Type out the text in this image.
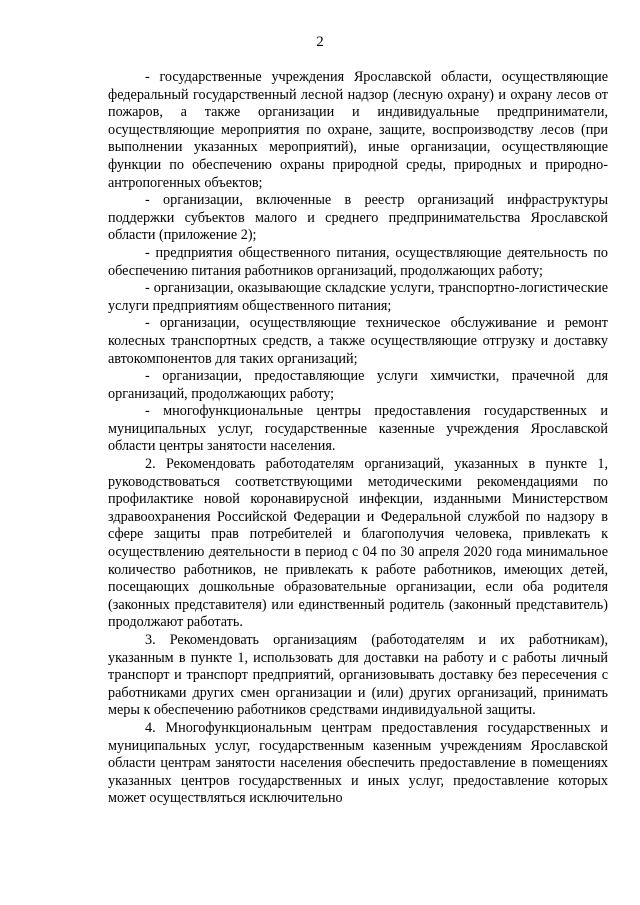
2

- государственные учреждения Ярославской области, осуществляющие федеральный государственный лесной надзор (лесную охрану) и охрану лесов от пожаров, а также организации и индивидуальные предприниматели, осуществляющие мероприятия по охране, защите, воспроизводству лесов (при выполнении указанных мероприятий), иные организации, осуществляющие функции по обеспечению охраны природной среды, природных и природно-антропогенных объектов;

- организации, включенные в реестр организаций инфраструктуры поддержки субъектов малого и среднего предпринимательства Ярославской области (приложение 2);

- предприятия общественного питания, осуществляющие деятельность по обеспечению питания работников организаций, продолжающих работу;

- организации, оказывающие складские услуги, транспортно-логистические услуги предприятиям общественного питания;

- организации, осуществляющие техническое обслуживание и ремонт колесных транспортных средств, а также осуществляющие отгрузку и доставку автокомпонентов для таких организаций;

- организации, предоставляющие услуги химчистки, прачечной для организаций, продолжающих работу;

- многофункциональные центры предоставления государственных и муниципальных услуг, государственные казенные учреждения Ярославской области центры занятости населения.

2. Рекомендовать работодателям организаций, указанных в пункте 1, руководствоваться соответствующими методическими рекомендациями по профилактике новой коронавирусной инфекции, изданными Министерством здравоохранения Российской Федерации и Федеральной службой по надзору в сфере защиты прав потребителей и благополучия человека, привлекать к осуществлению деятельности в период с 04 по 30 апреля 2020 года минимальное количество работников, не привлекать к работе работников, имеющих детей, посещающих дошкольные образовательные организации, если оба родителя (законных представителя) или единственный родитель (законный представитель) продолжают работать.

3. Рекомендовать организациям (работодателям и их работникам), указанным в пункте 1, использовать для доставки на работу и с работы личный транспорт и транспорт предприятий, организовывать доставку без пересечения с работниками других смен организации и (или) других организаций, принимать меры к обеспечению работников средствами индивидуальной защиты.

4. Многофункциональным центрам предоставления государственных и муниципальных услуг, государственным казенным учреждениям Ярославской области центрам занятости населения обеспечить предоставление в помещениях указанных центров государственных и иных услуг, предоставление которых может осуществляться исключительно
